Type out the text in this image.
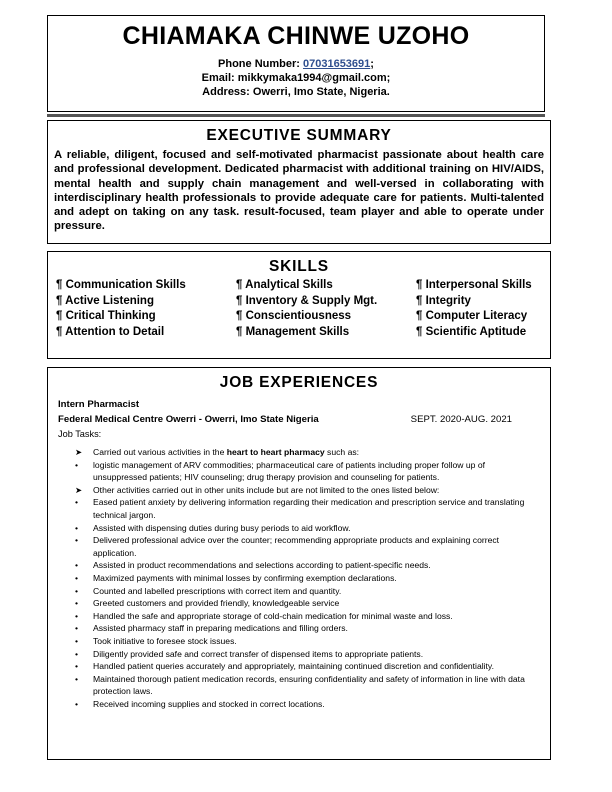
CHIAMAKA CHINWE UZOHO
Phone Number: 07031653691;
Email: mikkymaka1994@gmail.com;
Address: Owerri, Imo State, Nigeria.
EXECUTIVE SUMMARY

A reliable, diligent, focused and self-motivated pharmacist passionate about health care and professional development. Dedicated pharmacist with additional training on HIV/AIDS, mental health and supply chain management and well-versed in collaborating with interdisciplinary health professionals to provide adequate care for patients. Multi-talented and adept on taking on any task. result-focused, team player and able to operate under pressure.

SKILLS
¶ Communication Skills	¶ Analytical Skills	¶ Interpersonal Skills
¶ Active Listening	¶ Inventory & Supply Mgt.	¶ Integrity
¶ Critical Thinking	¶ Conscientiousness	¶ Computer Literacy
¶ Attention to Detail	¶ Management Skills	¶ Scientific Aptitude
JOB EXPERIENCES
Intern Pharmacist
Federal Medical Centre Owerri - Owerri, Imo State Nigeria	SEPT. 2020-AUG. 2021
Job Tasks:
➤	Carried out various activities in the heart to heart pharmacy such as:
•	logistic management of ARV commodities; pharmaceutical care of patients including proper follow up of unsuppressed patients; HIV counseling; drug therapy provision and counseling for patients.
➤	Other activities carried out in other units include but are not limited to the ones listed below:
•	Eased patient anxiety by delivering information regarding their medication and prescription service and translating technical jargon.
•	Assisted with dispensing duties during busy periods to aid workflow.
•	Delivered professional advice over the counter; recommending appropriate products and explaining correct application.
•	Assisted in product recommendations and selections according to patient-specific needs.
•	Maximized payments with minimal losses by confirming exemption declarations.
•	Counted and labelled prescriptions with correct item and quantity.
•	Greeted customers and provided friendly, knowledgeable service
•	Handled the safe and appropriate storage of cold-chain medication for minimal waste and loss.
•	Assisted pharmacy staff in preparing medications and filling orders.
•	Took initiative to foresee stock issues.
•	Diligently provided safe and correct transfer of dispensed items to appropriate patients.
•	Handled patient queries accurately and appropriately, maintaining continued discretion and confidentiality.
•	Maintained thorough patient medication records, ensuring confidentiality and safety of information in line with data protection laws.
•	Received incoming supplies and stocked in correct locations.
